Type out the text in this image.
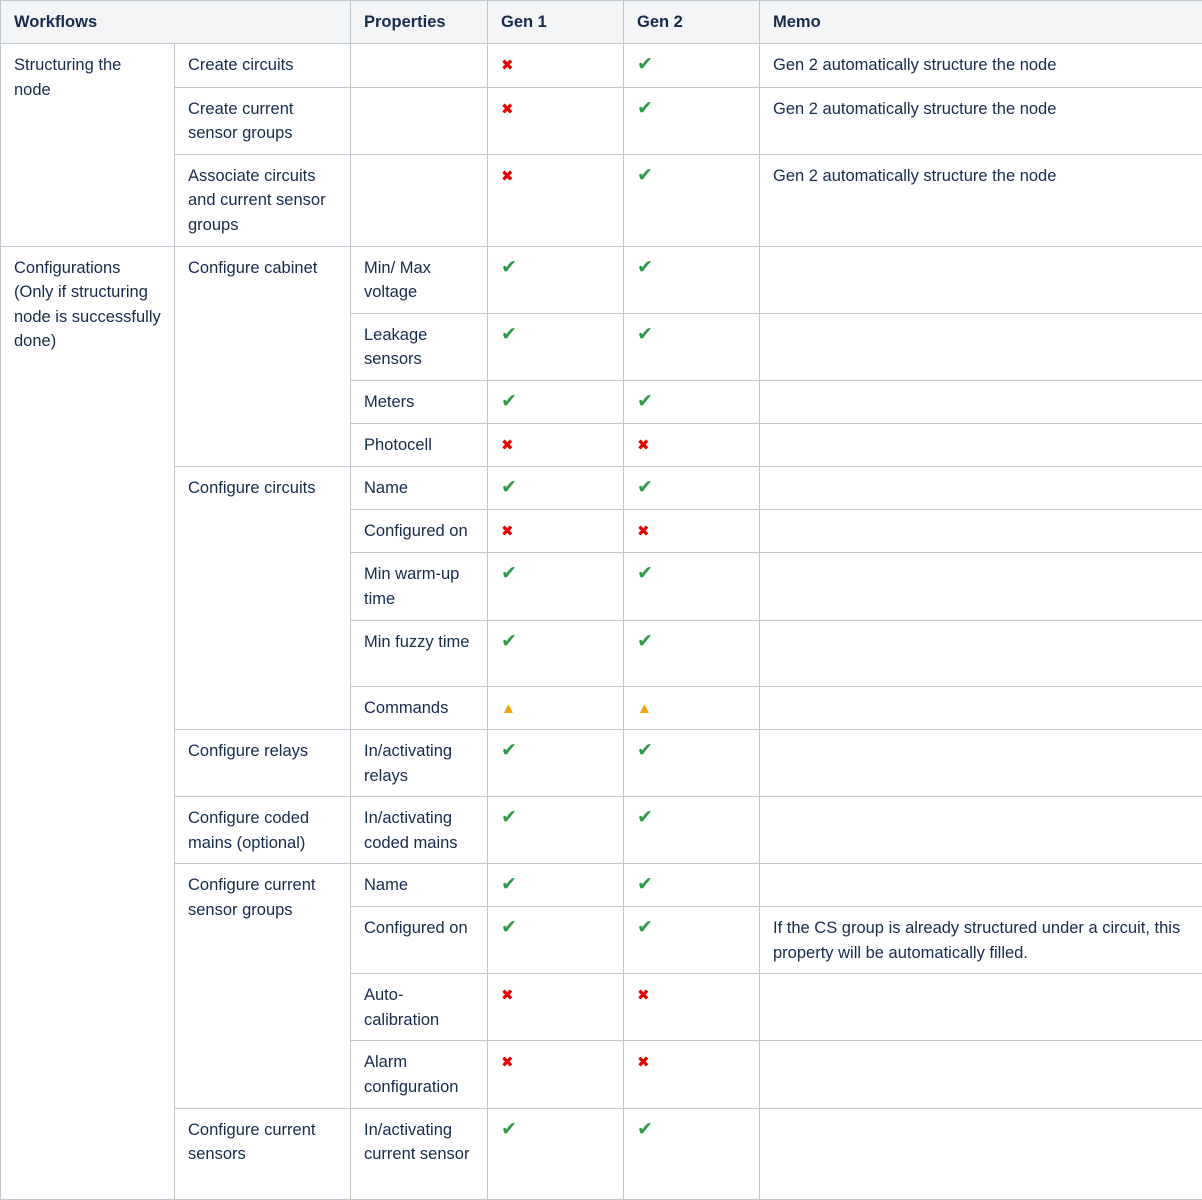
Workflows		Properties	Gen 1	Gen 2	Memo
Structuring the node	Create circuits		✖	✔	Gen 2 automatically structure the node
	Create current sensor groups		✖	✔	Gen 2 automatically structure the node
	Associate circuits and current sensor groups		✖	✔	Gen 2 automatically structure the node
Configurations (Only if structuring node is successfully done)	Configure cabinet	Min/ Max voltage	✔	✔	
		Leakage sensors	✔	✔	
		Meters	✔	✔	
		Photocell	✖	✖	
	Configure circuits	Name	✔	✔	
		Configured on	✖	✖	
		Min warm-up time	✔	✔	
		Min fuzzy time	✔	✔	
		Commands	▲	▲	
	Configure relays	In/activating relays	✔	✔	
	Configure coded mains (optional)	In/activating coded mains	✔	✔	
	Configure current sensor groups	Name	✔	✔	
		Configured on	✔	✔	If the CS group is already structured under a circuit, this property will be automatically filled.
		Auto-calibration	✖	✖	
		Alarm configuration	✖	✖	
	Configure current sensors	In/activating current sensor	✔	✔	
